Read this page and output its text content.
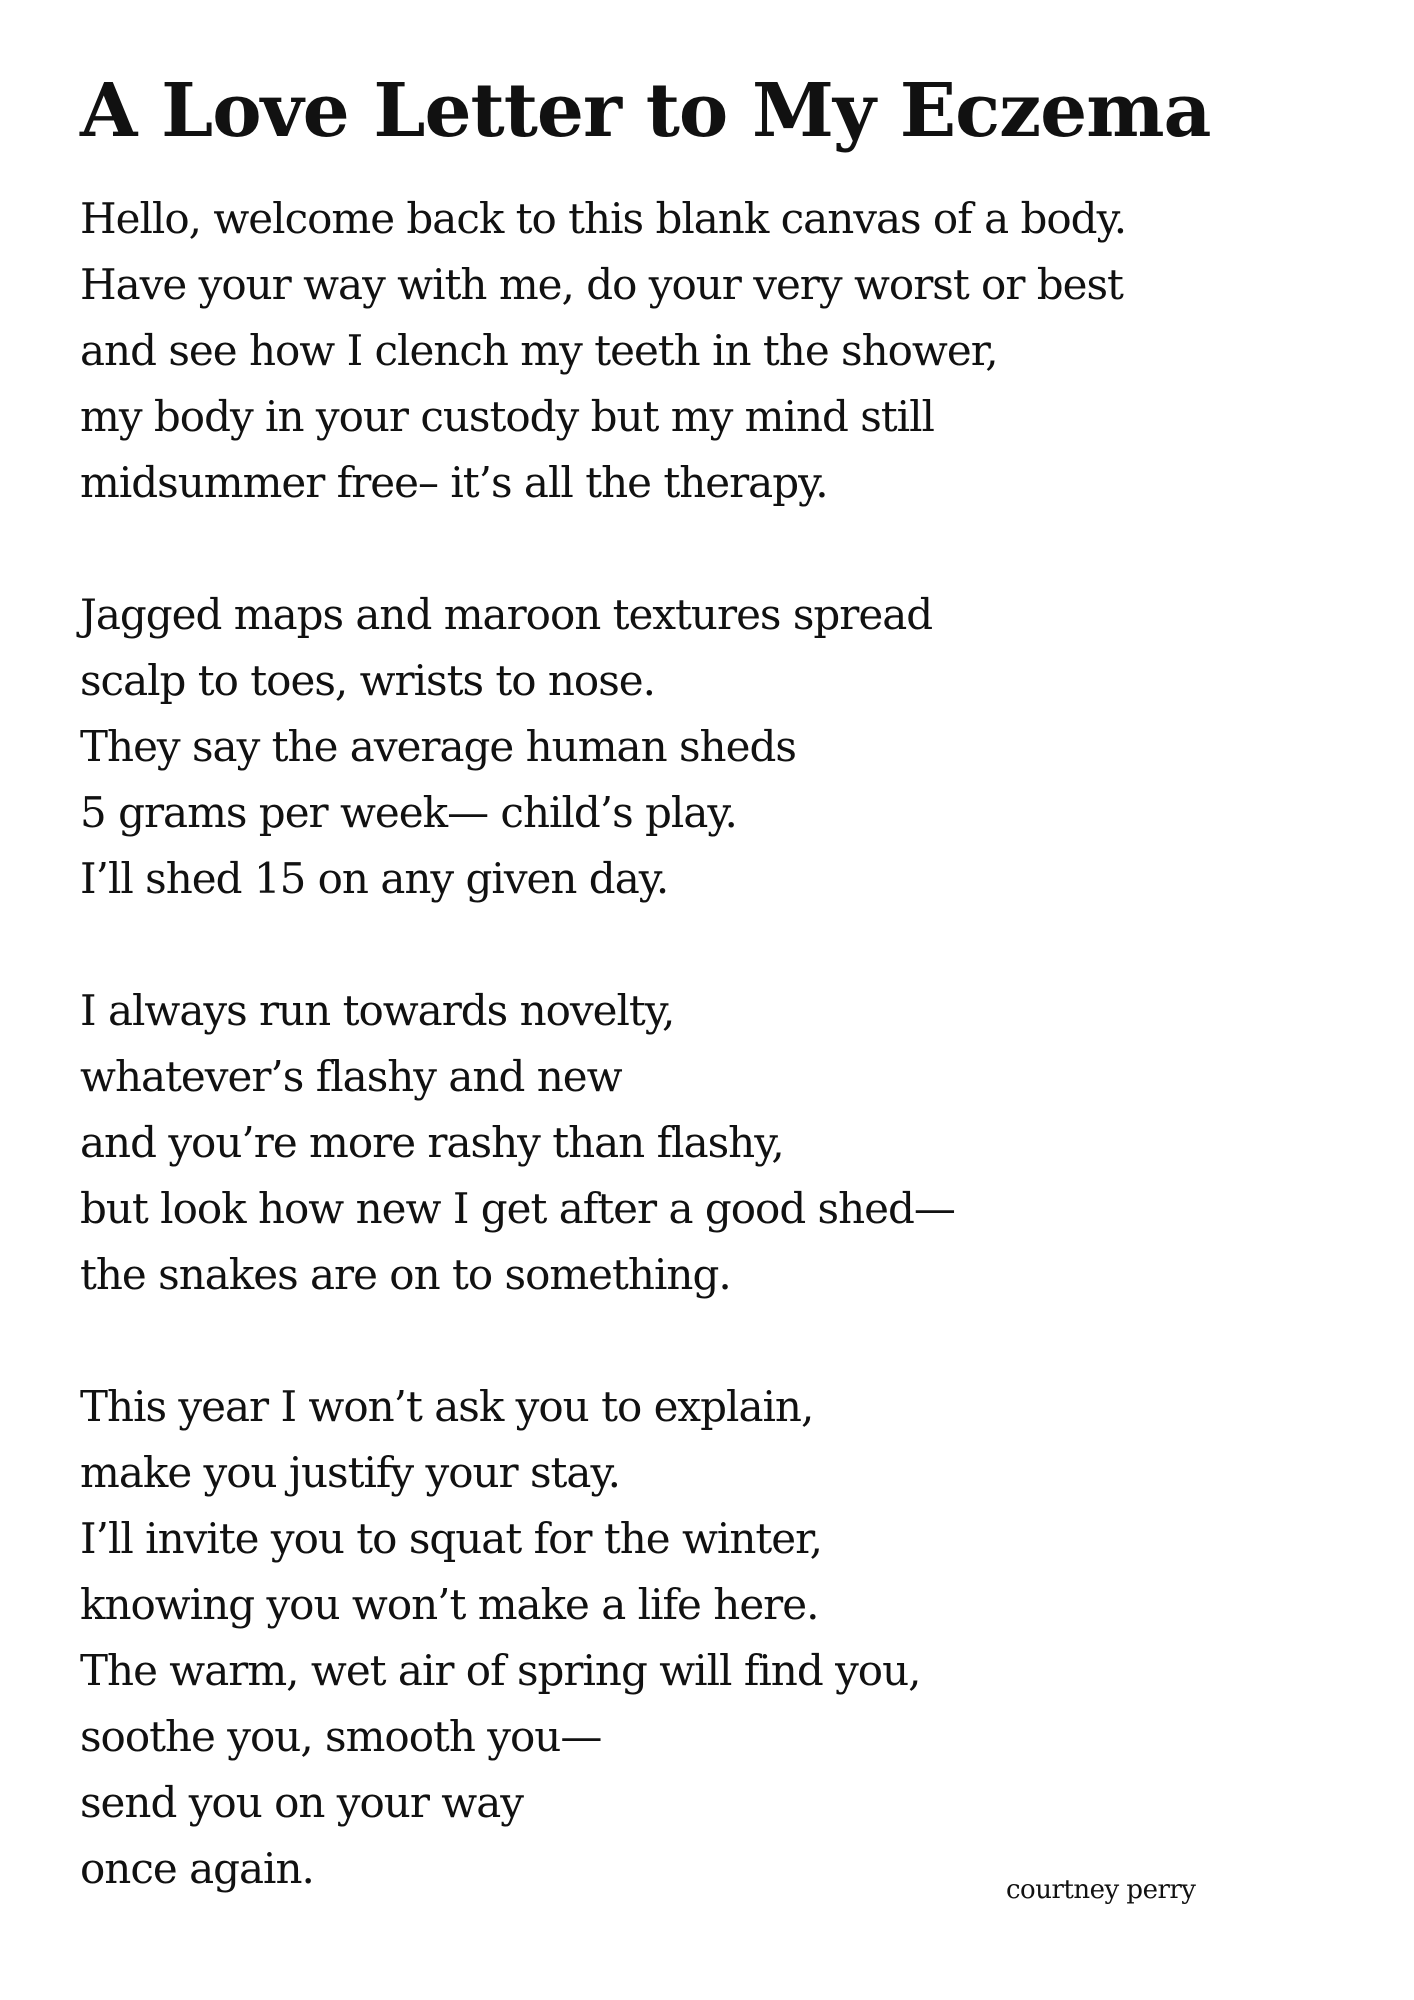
A Love Letter to My Eczema
Hello, welcome back to this blank canvas of a body.
Have your way with me, do your very worst or best
and see how I clench my teeth in the shower,
my body in your custody but my mind still
midsummer free– it’s all the therapy.
Jagged maps and maroon textures spread
scalp to toes, wrists to nose.
They say the average human sheds
5 grams per week— child’s play.
I’ll shed 15 on any given day.
I always run towards novelty,
whatever’s flashy and new
and you’re more rashy than flashy,
but look how new I get after a good shed—
the snakes are on to something.
This year I won’t ask you to explain,
make you justify your stay.
I’ll invite you to squat for the winter,
knowing you won’t make a life here.
The warm, wet air of spring will find you,
soothe you, smooth you—
send you on your way
once again.	courtney perry
